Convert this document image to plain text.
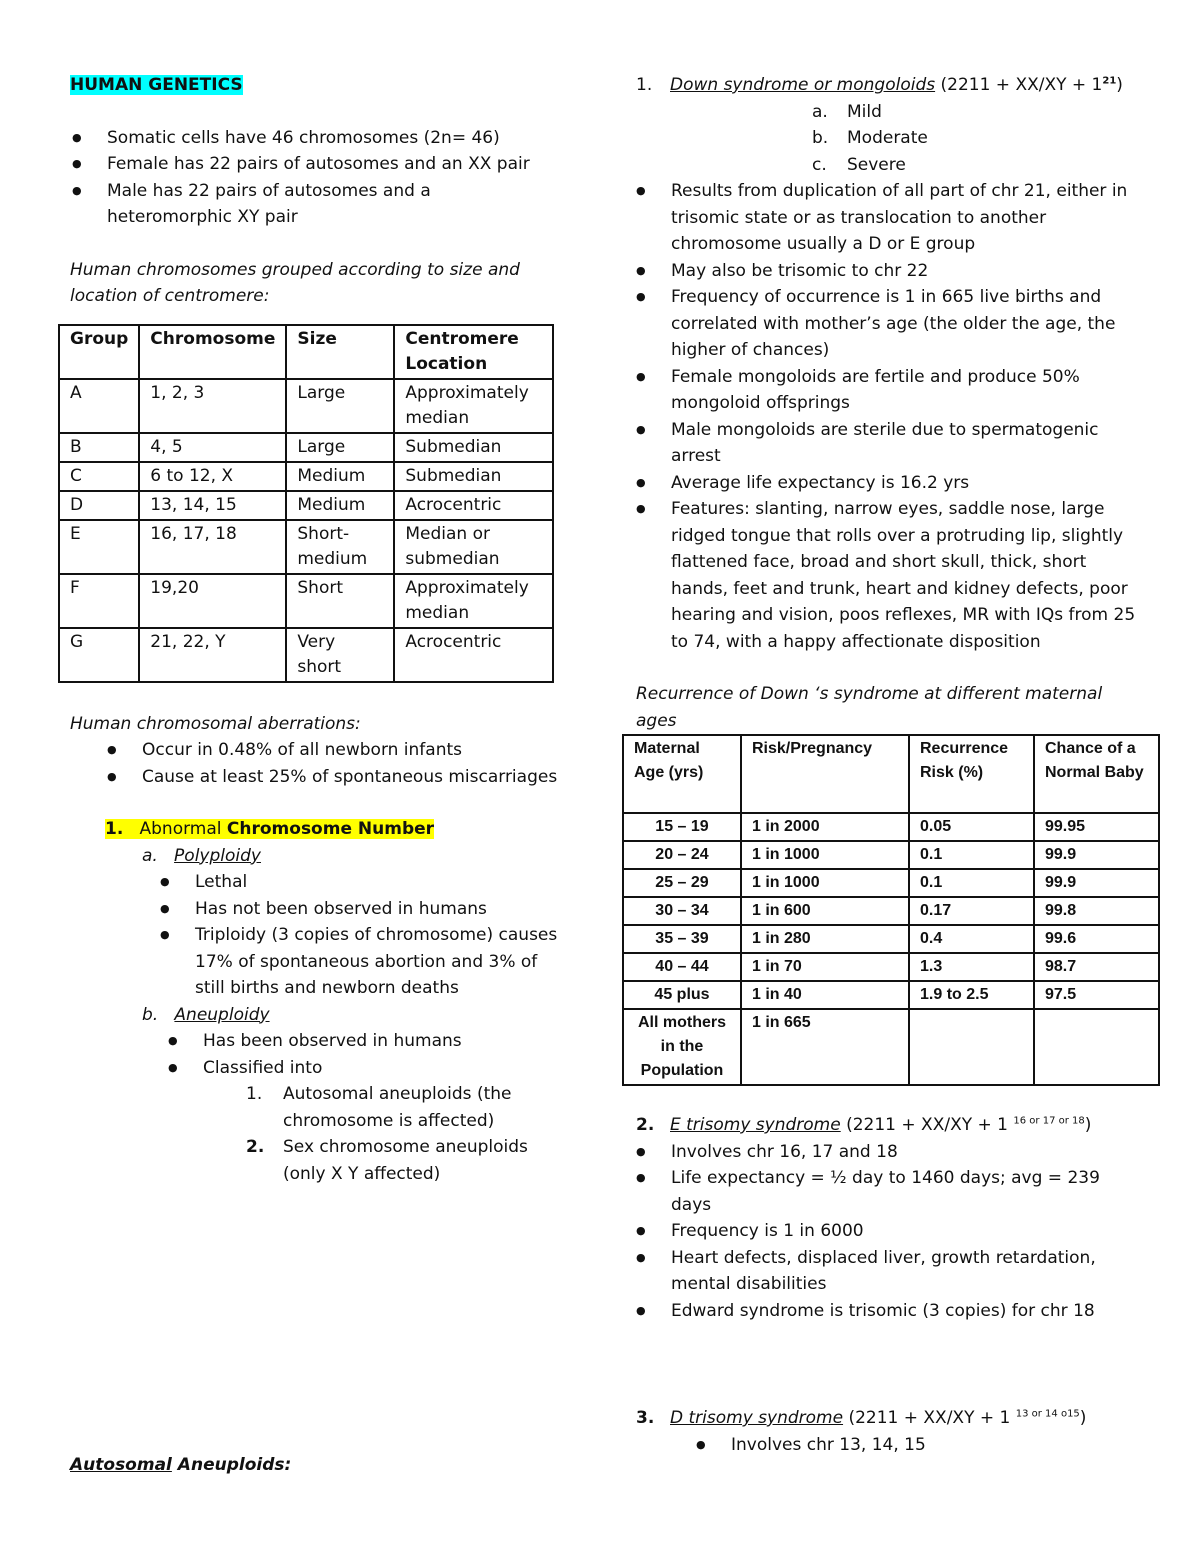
HUMAN GENETICS

● Somatic cells have 46 chromosomes (2n= 46)
● Female has 22 pairs of autosomes and an XX pair
● Male has 22 pairs of autosomes and a heteromorphic XY pair

Human chromosomes grouped according to size and location of centromere:

Group	Chromosome	Size	Centromere Location
A	1, 2, 3	Large	Approximately median
B	4, 5	Large	Submedian
C	6 to 12, X	Medium	Submedian
D	13, 14, 15	Medium	Acrocentric
E	16, 17, 18	Short-medium	Median or submedian
F	19,20	Short	Approximately median
G	21, 22, Y	Very short	Acrocentric

Human chromosomal aberrations:

● Occur in 0.48% of all newborn infants
● Cause at least 25% of spontaneous miscarriages

1. Abnormal Chromosome Number

a. Polyploidy

● Lethal
● Has not been observed in humans
● Triploidy (3 copies of chromosome) causes 17% of spontaneous abortion and 3% of still births and newborn deaths

b. Aneuploidy

● Has been observed in humans
● Classified into
1. Autosomal aneuploids (the chromosome is affected)
2. Sex chromosome aneuploids (only X Y affected)

Autosomal Aneuploids:

1. Down syndrome or mongoloids $(2211 + XX/XY + 1^{21})$

a. Mild
b. Moderate
c. Severe
● Results from duplication of all part of chr 21, either in trisomic state or as translocation to another chromosome usually a D or E group
● May also be trisomic to chr 22
● Frequency of occurrence is 1 in 665 live births and correlated with mother’s age (the older the age, the higher of chances)
● Female mongoloids are fertile and produce 50% mongoloid offsprings
● Male mongoloids are sterile due to spermatogenic arrest
● Average life expectancy is 16.2 yrs
● Features: slanting, narrow eyes, saddle nose, large ridged tongue that rolls over a protruding lip, slightly flattened face, broad and short skull, thick, short hands, feet and trunk, heart and kidney defects, poor hearing and vision, poos reflexes, MR with IQs from 25 to 74, with a happy affectionate disposition

Recurrence of Down ‘s syndrome at different maternal ages

Maternal Age (yrs)	Risk/Pregnancy	Recurrence Risk (%)	Chance of a Normal Baby
15 – 19	1 in 2000	0.05	99.95
20 – 24	1 in 1000	0.1	99.9
25 – 29	1 in 1000	0.1	99.9
30 – 34	1 in 600	0.17	99.8
35 – 39	1 in 280	0.4	99.6
40 – 44	1 in 70	1.3	98.7
45 plus	1 in 40	1.9 to 2.5	97.5
All mothers in the Population	1 in 665		

2. E trisomy syndrome (2211 + XX/XY + 1 $^{16 or 17 or 18}$)

● Involves chr 16, 17 and 18
● Life expectancy = ½ day to 1460 days; avg = 239 days
● Frequency is 1 in 6000
● Heart defects, displaced liver, growth retardation, mental disabilities
● Edward syndrome is trisomic (3 copies) for chr 18

3. D trisomy syndrome (2211 + XX/XY + 1 $^{13 or 14 o15}$)

● Involves chr 13, 14, 15
